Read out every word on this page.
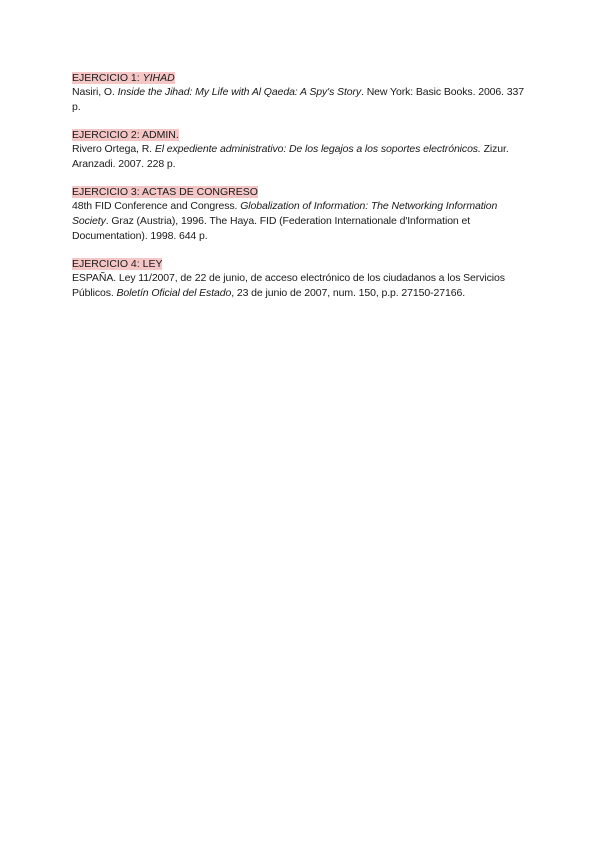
EJERCICIO 1: YIHAD
Nasiri, O. Inside the Jihad: My Life with Al Qaeda: A Spy's Story. New York: Basic Books. 2006. 337 p.
EJERCICIO 2: ADMIN.
Rivero Ortega, R. El expediente administrativo: De los legajos a los soportes electrónicos. Zizur. Aranzadi. 2007. 228 p.
EJERCICIO 3: ACTAS DE CONGRESO
48th FID Conference and Congress. Globalization of Information: The Networking Information Society. Graz (Austria), 1996. The Haya. FID (Federation Internationale d'Information et Documentation). 1998. 644 p.
EJERCICIO 4: LEY
ESPAÑA. Ley 11/2007, de 22 de junio, de acceso electrónico de los ciudadanos a los Servicios Públicos. Boletín Oficial del Estado, 23 de junio de 2007, num. 150, p.p. 27150-27166.
